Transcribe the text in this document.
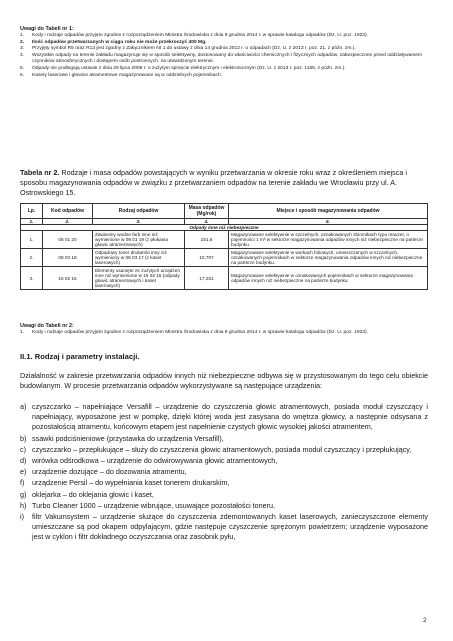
Uwagi do Tabeli nr 1:
1.	Kody i rodzaje odpadów przyjęto zgodnie z rozporządzeniem Ministra Środowiska z dnia 9 grudnia 2014 r. w sprawie katalogu odpadów (Dz. U. poz. 1923).
2.	Ilość odpadów przetwarzanych w ciągu roku nie może przekroczyć 400 Mg.
3.	Przyjęty symbol R5 oraz R13 jest zgodny z Załącznikiem Nr 1 do ustawy z dnia 14 grudnia 2012 r. o odpadach (Dz. U. z 2013 r. poz. 21, z późn. zm.).
4.	Wszystkie odpady na terenie zakładu magazynuje się w sposób selektywny, dostosowany do właściwości chemicznych i fizycznych odpadów, zabezpieczone przed oddziaływaniem czynników atmosferycznych i dostępem osób postronnych, na utwardzonym terenie.
5.	Odpady nie podlegają ustawie z dnia 29 lipca 2005 r. o zużytym sprzęcie elektrycznym i elektronicznym (Dz. U. z 2013 r. poz. 1155, z późn. zm.).
6.	Kasety laserowe i głowice atramentowe magazynowane są w oddzielnych pojemnikach.
Tabela nr 2. Rodzaje i masa odpadów powstających w wyniku przetwarzania w okresie roku wraz z określeniem miejsca i sposobu magazynowania odpadów w związku z przetwarzaniem odpadów na terenie zakładu we Wrocławiu przy ul. A. Ostrowskiego 15.
Lp.	Kod odpadów	Rodzaj odpadów	Masa odpadów (Mg/rok)	Miejsce i sposób magazynowania odpadów
1.	2.	3.	4.	5.
Odpady inne niż niebezpieczne				
1.	08 01 20	Zawiesiny wodne farb inne niż wymienione w 08 01 19 (z płukania głowic atramentowych)	151,6	Magazynowane selektywnie w szczelnych, oznakowanych zbiornikach typu mauzer, o pojemności 1 m³ w sektorze magazynowania odpadów innych niż niebezpieczne na parterze budynku.
2.	08 03 18	Odpadowy toner drukarski inny niż wymieniony w 08 03 17 (z kaset laserowych)	10,707	Magazynowane selektywnie w workach foliowych, umieszczanych w szczelnych, oznakowanych pojemnikach w sektorze magazynowania odpadów innych niż niebezpieczne na parterze budynku.
3.	16 02 16	Elementy usunięte ze zużytych urządzeń inne niż wymienione w 16 02 15 (odpady głowic atramentowych i kaset laserowych)	17,251	Magazynowane selektywnie w oznakowanych pojemnikach w sektorze magazynowania odpadów innych niż niebezpieczne na parterze budynku.
Uwagi do Tabeli nr 2:
1.	Kody i rodzaje odpadów przyjęto zgodnie z rozporządzeniem Ministra Środowiska z dnia 9 grudnia 2014 r. w sprawie katalogu odpadów (Dz. U. poz. 1923).
II.1. Rodzaj i parametry instalacji.
Działalność w zakresie przetwarzania odpadów innych niż niebezpieczne odbywa się w przystosowanym do tego celu obiekcie budowlanym. W procesie przetwarzania odpadów wykorzystywane są następujące urządzenia:
a) czyszczarko – napełniające Versafill – urządzenie do czyszczenia głowic atramentowych, posiada moduł czyszczący i napełniający, wyposażone jest w pompkę, dzięki której woda jest zasysana do wnętrza głowicy, a następnie odsysana z pozostałością atramentu, końcowym etapem jest napełnienie czystych głowic wysokiej jakości atramentem,
b) ssawki podciśnieniowe (przystawka do urządzenia Versafill),
c) czyszczarko – przepłukujące – służy do czyszczenia głowic atramentowych, posiada moduł czyszczący i przepłukujący,
d) wirówka odśrodkowa – urządzenie do odwirowywania głowic atramentowych,
e) urządzenie dozujące – do dozowania atramentu,
f)	urządzenie Persil – do wypełniania kaset tonerem drukarskim,
g) oklejarka – do oklejania głowic i kaset,
h) Turbo Cleaner 1000 – urządzenie wibrujące, usuwające pozostałości toneru,
i)	filtr Vakumsystem – urządzenie służące do czyszczenia zdemontowanych kaset laserowych, zanieczyszczone elementy umieszczane są pod okapem odpylającym, gdzie następuje czyszczenie sprężonym powietrzem; urządzenie wyposażone jest w cyklon i filtr dokładnego oczyszczania oraz zasobnik pyłu,
2
